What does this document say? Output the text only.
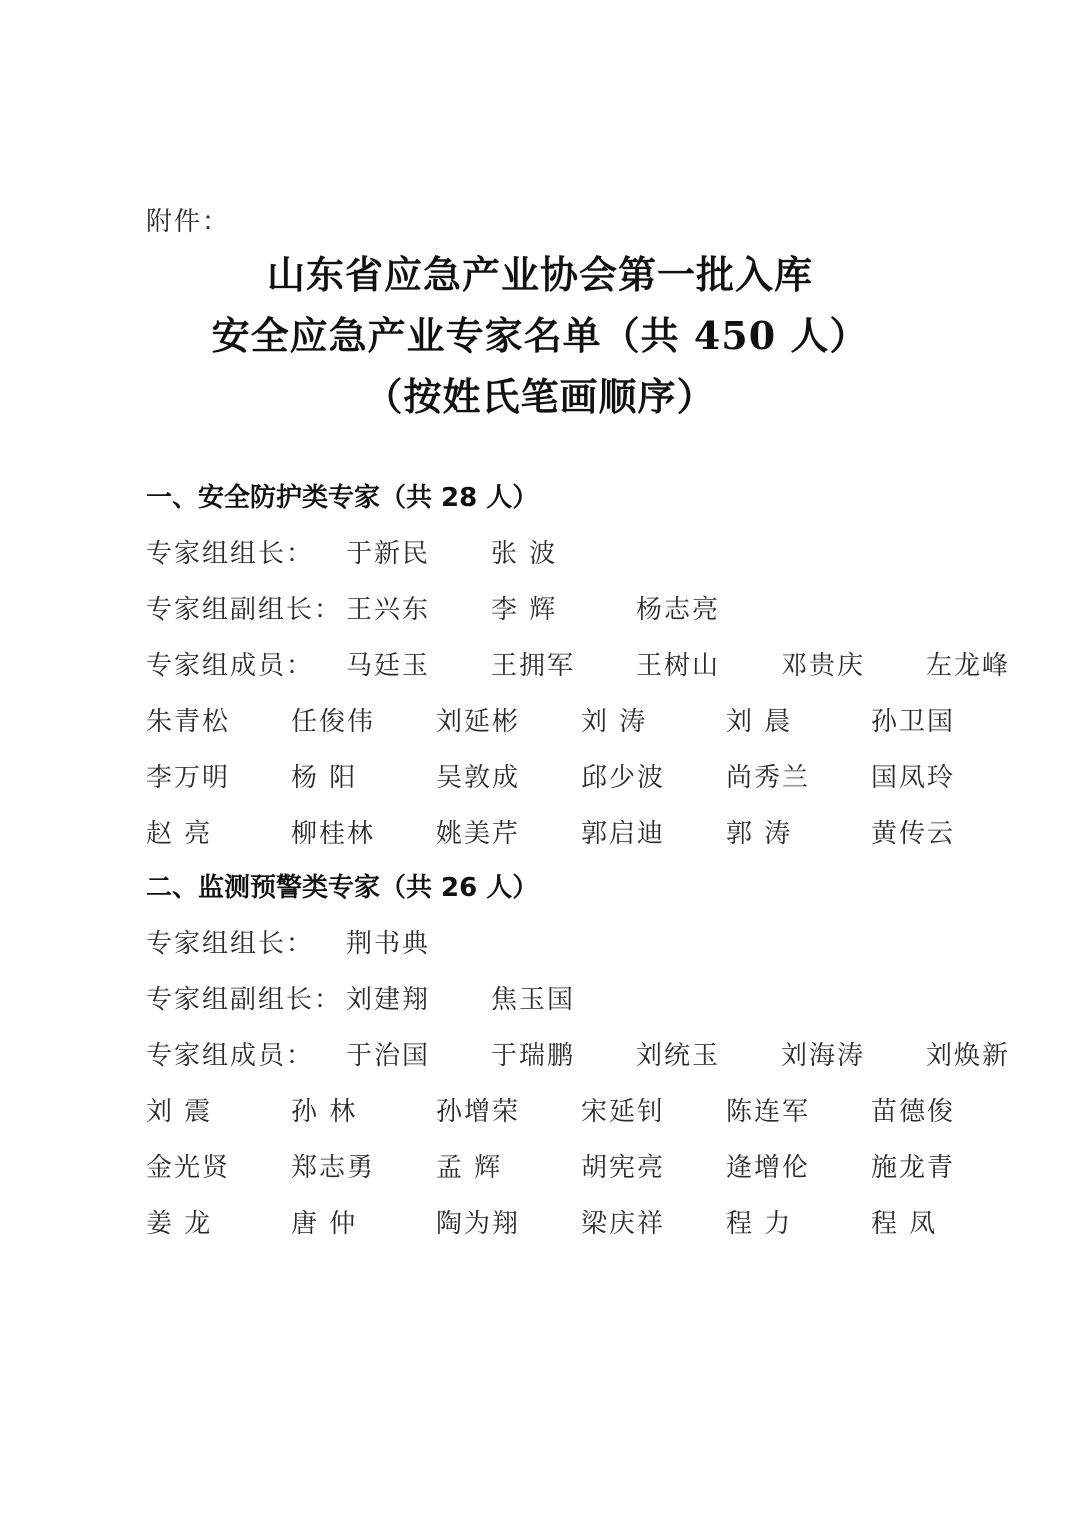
附件：
山东省应急产业协会第一批入库
安全应急产业专家名单（共 450 人）
（按姓氏笔画顺序）
一、安全防护类专家（共 28 人）
专家组组长：	于新民	张 波
专家组副组长： 王兴东	李 辉	杨志亮
专家组成员：	马廷玉	王拥军	王树山	邓贵庆	左龙峰
朱青松	任俊伟	刘延彬	刘 涛	刘 晨	孙卫国
李万明	杨 阳	吴敦成	邱少波	尚秀兰	国凤玲
赵 亮	柳桂林	姚美芹	郭启迪	郭 涛	黄传云
二、监测预警类专家（共 26 人）
专家组组长：	荆书典
专家组副组长： 刘建翔	焦玉国
专家组成员：	于治国	于瑞鹏	刘统玉	刘海涛	刘焕新
刘 震	孙 林	孙增荣	宋延钊	陈连军	苗德俊
金光贤	郑志勇	孟 辉	胡宪亮	逄增伦	施龙青
姜 龙	唐 仲	陶为翔	梁庆祥	程 力	程 凤
